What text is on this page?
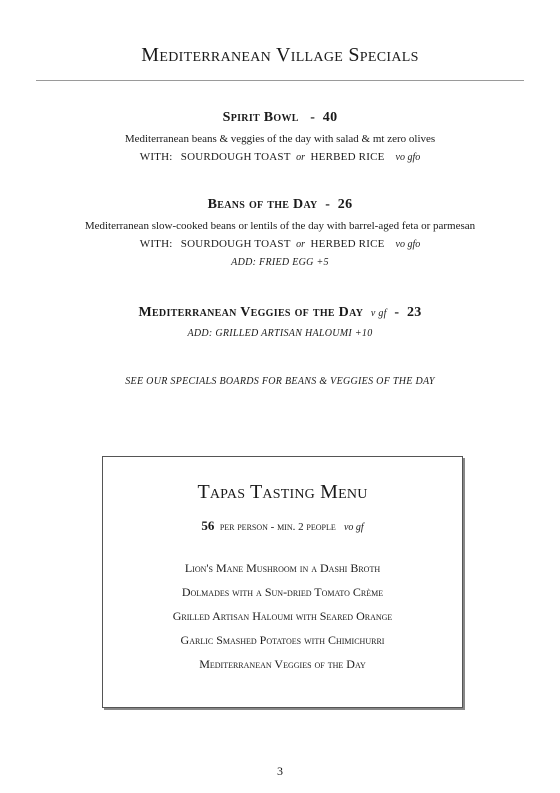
Mediterranean Village Specials
Spirit Bowl - 40
Mediterranean beans & veggies of the day with salad & mt zero olives
WITH: SOURDOUGH TOAST or HERBED RICE vo gfo
Beans of the Day - 26
Mediterranean slow-cooked beans or lentils of the day with barrel-aged feta or parmesan
WITH: SOURDOUGH TOAST or HERBED RICE vo gfo
ADD: FRIED EGG +5
Mediterranean Veggies of the Day v gf - 23
ADD: GRILLED ARTISAN HALOUMI +10
SEE OUR SPECIALS BOARDS FOR BEANS & VEGGIES OF THE DAY
Tapas Tasting Menu
56 per person - min. 2 people vo gf
Lion's Mane Mushroom in a Dashi Broth
Dolmades with a Sun-dried Tomato Crème
Grilled Artisan Haloumi with Seared Orange
Garlic Smashed Potatoes with Chimichurri
Mediterranean Veggies of the Day
3
